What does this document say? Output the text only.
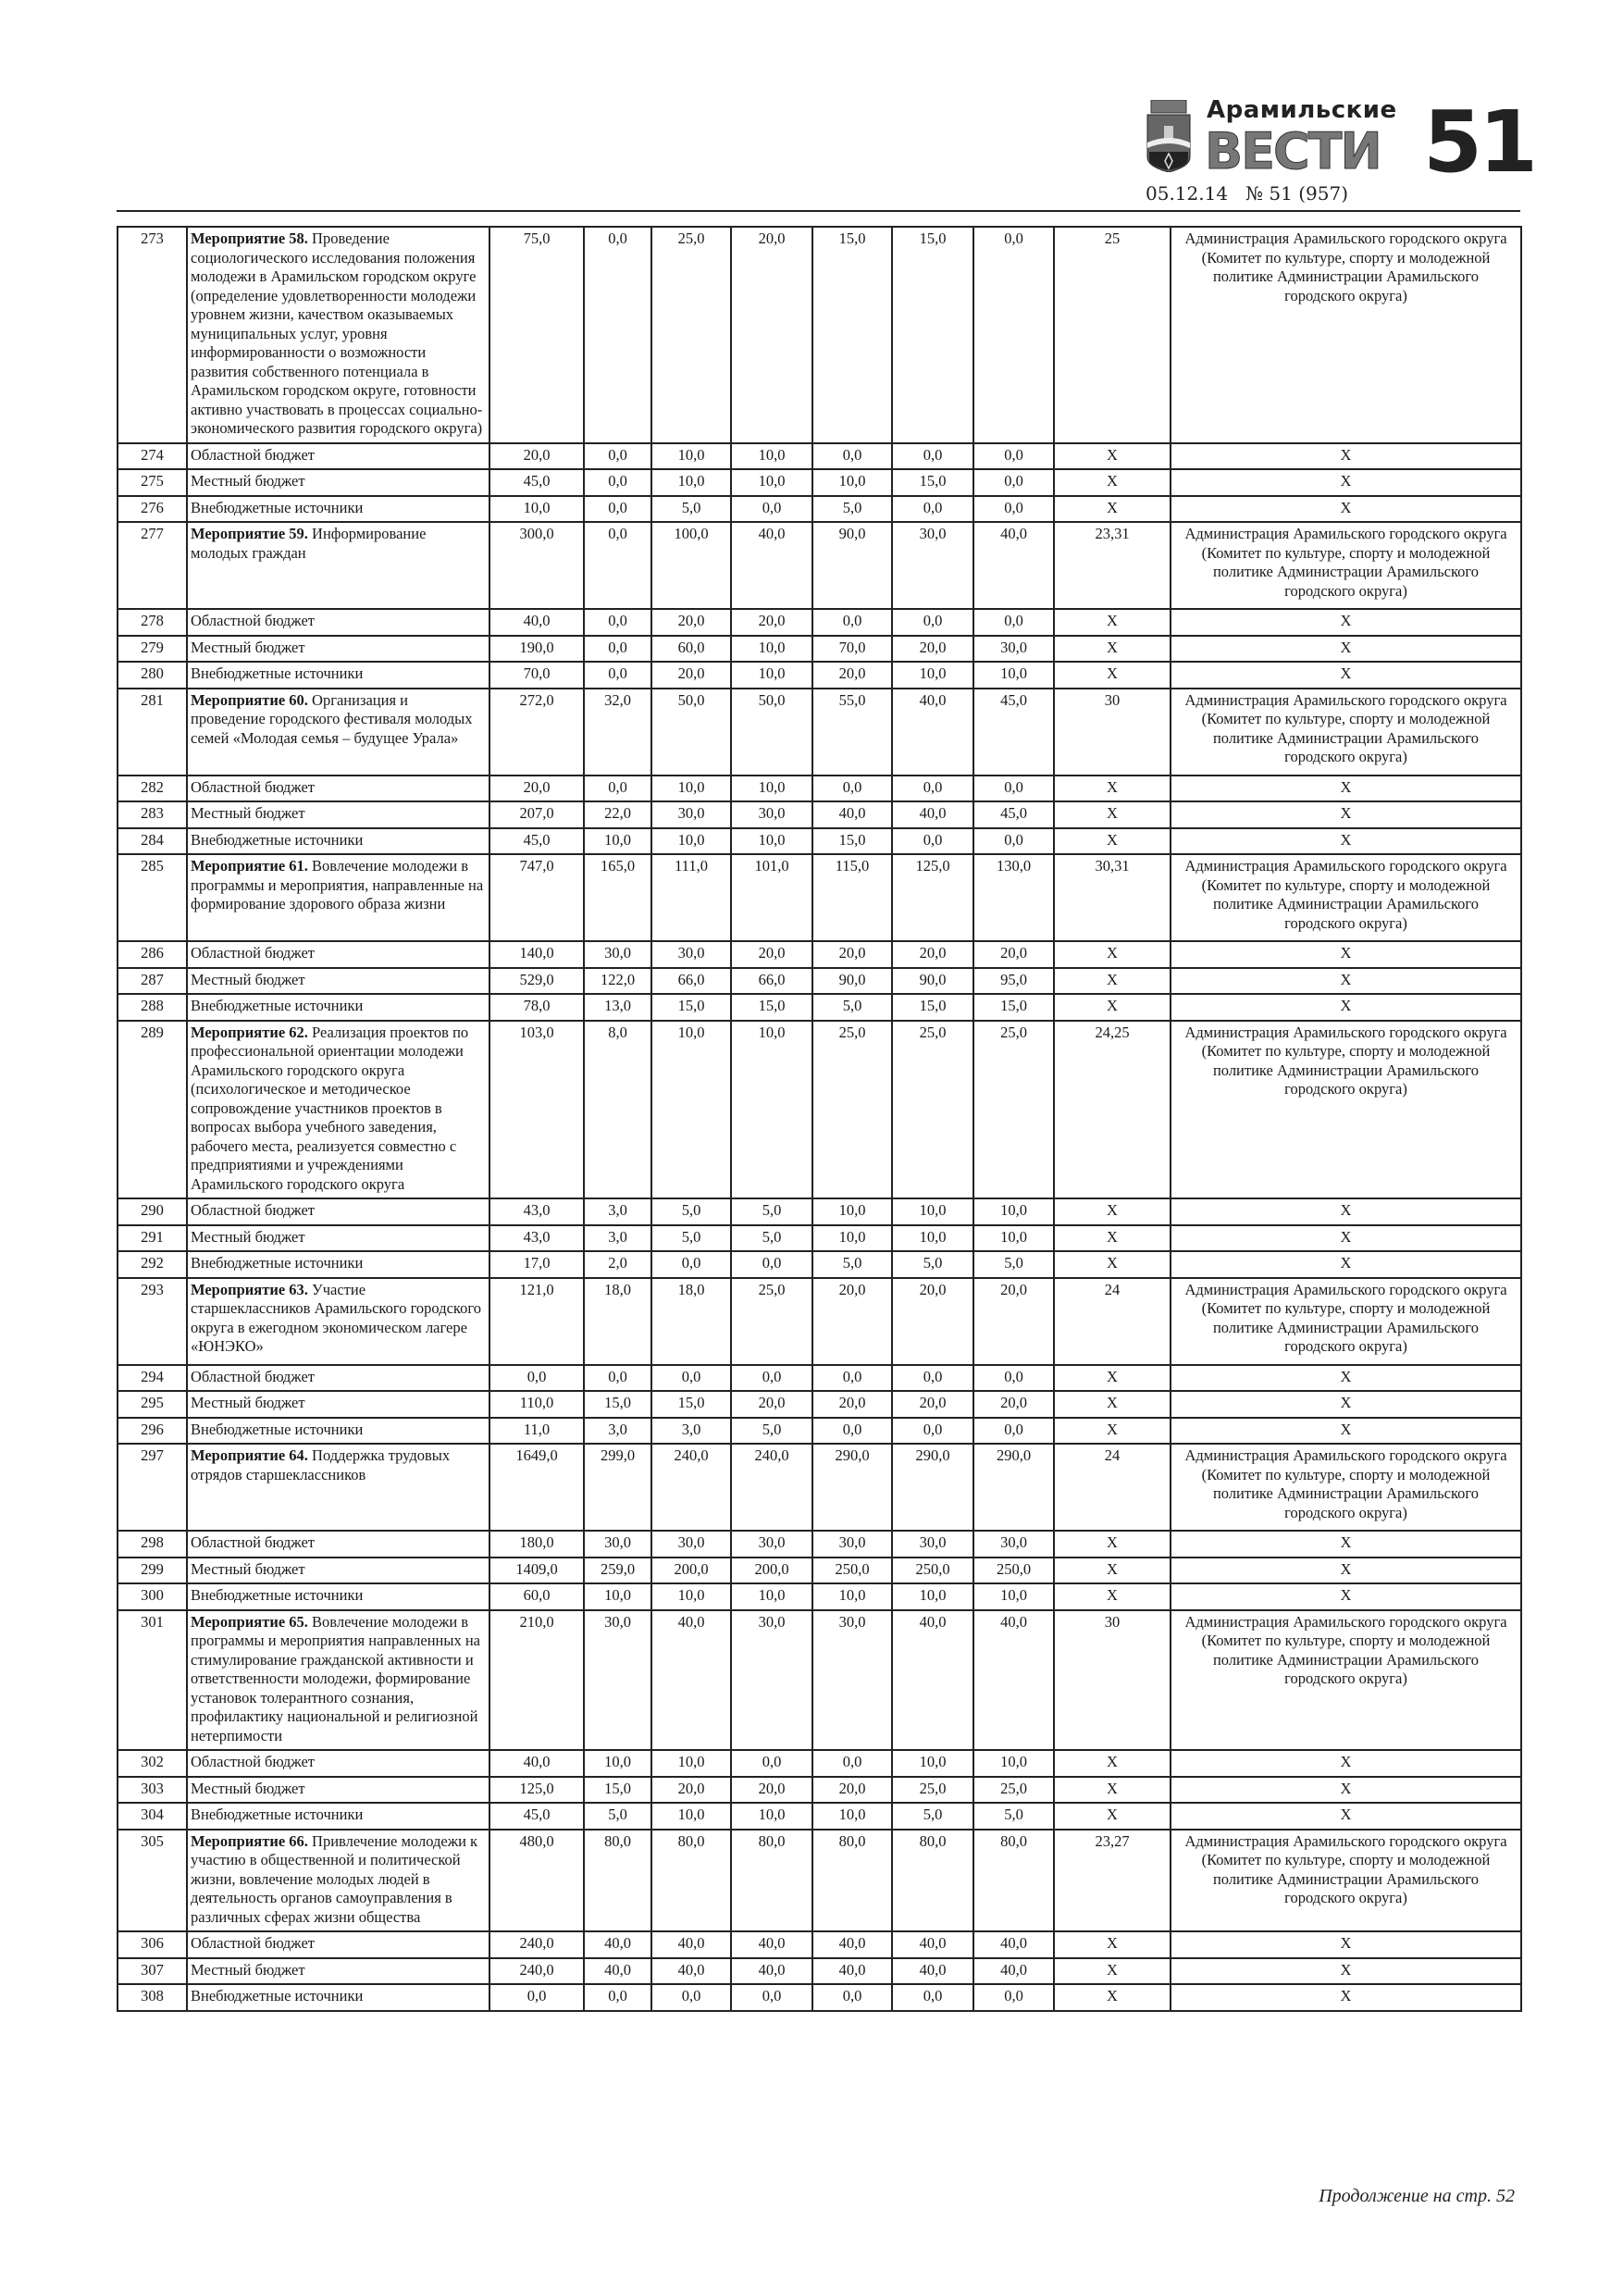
Арамильские
ВЕСТИ
05.12.14   № 51 (957)
51
273	Мероприятие 58. Проведение социологического исследования положения молодежи в Арамильском городском округе (определение удовлетворенности молодежи уровнем жизни, качеством оказываемых муниципальных услуг, уровня информированности о возможности развития собственного потенциала в Арамильском городском округе, готовности активно участвовать в процессах социально-экономического развития городского округа)	75,0	0,0	25,0	20,0	15,0	15,0	0,0	25	Администрация Арамильского городского округа (Комитет по культуре, спорту и молодежной политике Администрации Арамильского городского округа)
274	Областной бюджет	20,0	0,0	10,0	10,0	0,0	0,0	0,0	X	X
275	Местный бюджет	45,0	0,0	10,0	10,0	10,0	15,0	0,0	X	X
276	Внебюджетные источники	10,0	0,0	5,0	0,0	5,0	0,0	0,0	X	X
277	Мероприятие 59. Информирование молодых граждан	300,0	0,0	100,0	40,0	90,0	30,0	40,0	23,31	Администрация Арамильского городского округа (Комитет по культуре, спорту и молодежной политике Администрации Арамильского городского округа)
278	Областной бюджет	40,0	0,0	20,0	20,0	0,0	0,0	0,0	X	X
279	Местный бюджет	190,0	0,0	60,0	10,0	70,0	20,0	30,0	X	X
280	Внебюджетные источники	70,0	0,0	20,0	10,0	20,0	10,0	10,0	X	X
281	Мероприятие 60. Организация и проведение городского фестиваля молодых семей «Молодая семья – будущее Урала»	272,0	32,0	50,0	50,0	55,0	40,0	45,0	30	Администрация Арамильского городского округа (Комитет по культуре, спорту и молодежной политике Администрации Арамильского городского округа)
282	Областной бюджет	20,0	0,0	10,0	10,0	0,0	0,0	0,0	X	X
283	Местный бюджет	207,0	22,0	30,0	30,0	40,0	40,0	45,0	X	X
284	Внебюджетные источники	45,0	10,0	10,0	10,0	15,0	0,0	0,0	X	X
285	Мероприятие 61. Вовлечение молодежи в программы и мероприятия, направленные на формирование здорового образа жизни	747,0	165,0	111,0	101,0	115,0	125,0	130,0	30,31	Администрация Арамильского городского округа (Комитет по культуре, спорту и молодежной политике Администрации Арамильского городского округа)
286	Областной бюджет	140,0	30,0	30,0	20,0	20,0	20,0	20,0	X	X
287	Местный бюджет	529,0	122,0	66,0	66,0	90,0	90,0	95,0	X	X
288	Внебюджетные источники	78,0	13,0	15,0	15,0	5,0	15,0	15,0	X	X
289	Мероприятие 62. Реализация проектов по профессиональной ориентации молодежи Арамильского городского округа (психологическое и методическое сопровождение участников проектов в вопросах выбора учебного заведения, рабочего места, реализуется совместно с предприятиями и учреждениями Арамильского городского округа	103,0	8,0	10,0	10,0	25,0	25,0	25,0	24,25	Администрация Арамильского городского округа (Комитет по культуре, спорту и молодежной политике Администрации Арамильского городского округа)
290	Областной бюджет	43,0	3,0	5,0	5,0	10,0	10,0	10,0	X	X
291	Местный бюджет	43,0	3,0	5,0	5,0	10,0	10,0	10,0	X	X
292	Внебюджетные источники	17,0	2,0	0,0	0,0	5,0	5,0	5,0	X	X
293	Мероприятие 63. Участие старшеклассников Арамильского городского округа в ежегодном экономическом лагере «ЮНЭКО»	121,0	18,0	18,0	25,0	20,0	20,0	20,0	24	Администрация Арамильского городского округа (Комитет по культуре, спорту и молодежной политике Администрации Арамильского городского округа)
294	Областной бюджет	0,0	0,0	0,0	0,0	0,0	0,0	0,0	X	X
295	Местный бюджет	110,0	15,0	15,0	20,0	20,0	20,0	20,0	X	X
296	Внебюджетные источники	11,0	3,0	3,0	5,0	0,0	0,0	0,0	X	X
297	Мероприятие 64. Поддержка трудовых отрядов старшеклассников	1649,0	299,0	240,0	240,0	290,0	290,0	290,0	24	Администрация Арамильского городского округа (Комитет по культуре, спорту и молодежной политике Администрации Арамильского городского округа)
298	Областной бюджет	180,0	30,0	30,0	30,0	30,0	30,0	30,0	X	X
299	Местный бюджет	1409,0	259,0	200,0	200,0	250,0	250,0	250,0	X	X
300	Внебюджетные источники	60,0	10,0	10,0	10,0	10,0	10,0	10,0	X	X
301	Мероприятие 65. Вовлечение молодежи в программы и мероприятия направленных на стимулирование гражданской активности и ответственности молодежи, формирование установок толерантного сознания, профилактику национальной и религиозной нетерпимости	210,0	30,0	40,0	30,0	30,0	40,0	40,0	30	Администрация Арамильского городского округа (Комитет по культуре, спорту и молодежной политике Администрации Арамильского городского округа)
302	Областной бюджет	40,0	10,0	10,0	0,0	0,0	10,0	10,0	X	X
303	Местный бюджет	125,0	15,0	20,0	20,0	20,0	25,0	25,0	X	X
304	Внебюджетные источники	45,0	5,0	10,0	10,0	10,0	5,0	5,0	X	X
305	Мероприятие 66. Привлечение молодежи к участию в общественной и политической жизни, вовлечение молодых людей в деятельность органов самоуправления в различных сферах жизни общества	480,0	80,0	80,0	80,0	80,0	80,0	80,0	23,27	Администрация Арамильского городского округа (Комитет по культуре, спорту и молодежной политике Администрации Арамильского городского округа)
306	Областной бюджет	240,0	40,0	40,0	40,0	40,0	40,0	40,0	X	X
307	Местный бюджет	240,0	40,0	40,0	40,0	40,0	40,0	40,0	X	X
308	Внебюджетные источники	0,0	0,0	0,0	0,0	0,0	0,0	0,0	X	X
Продолжение на стр. 52
